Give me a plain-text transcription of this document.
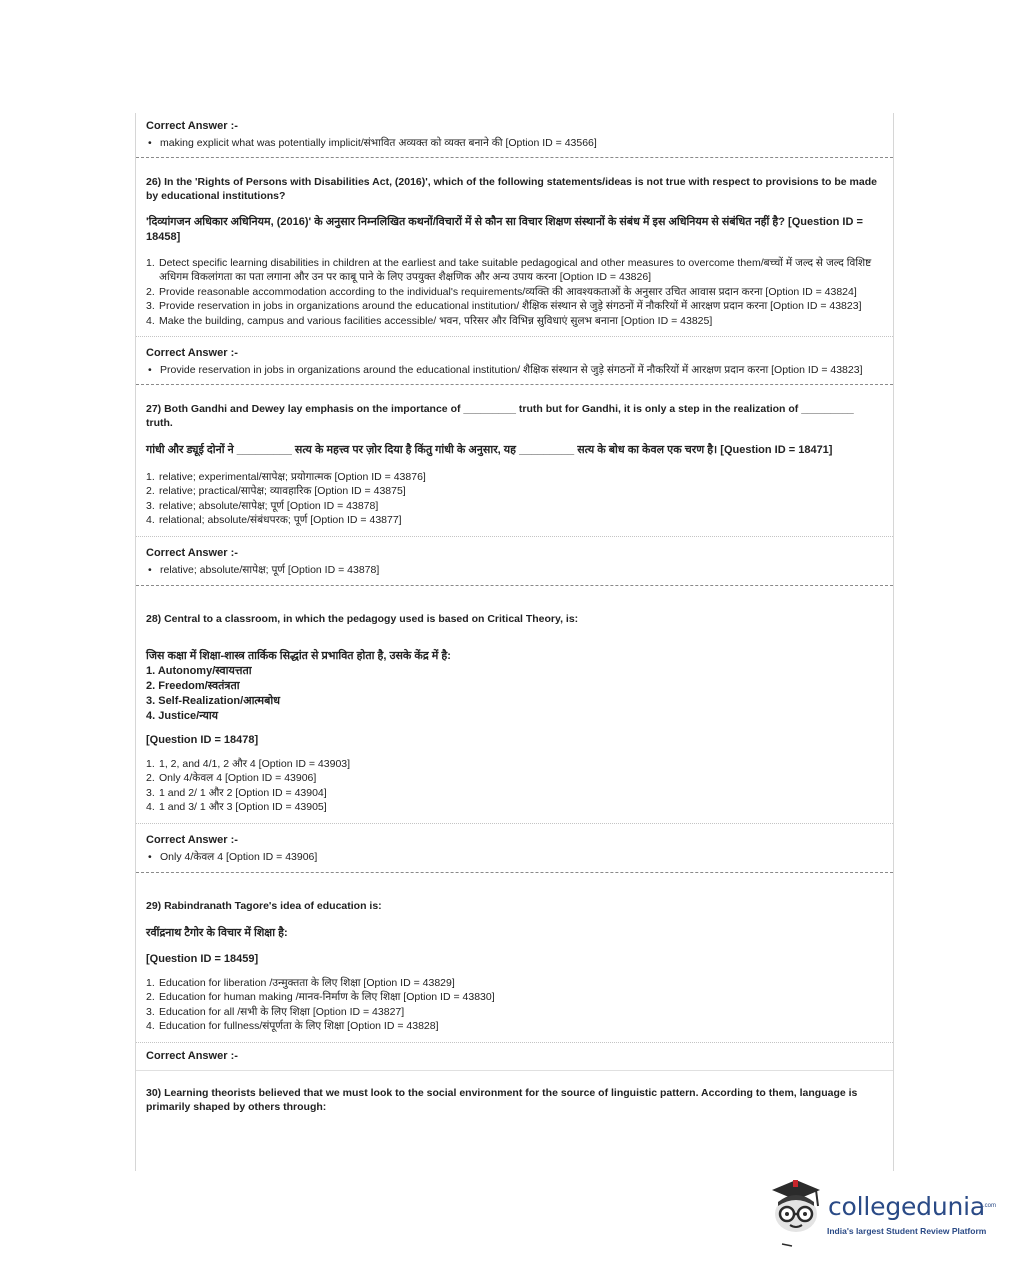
Correct Answer :-
• making explicit what was potentially implicit/संभावित अव्यक्त को व्यक्त बनाने की [Option ID = 43566]

26) In the 'Rights of Persons with Disabilities Act, (2016)', which of the following statements/ideas is not true with respect to provisions to be made by educational institutions?

'दिव्यांगजन अधिकार अधिनियम, (2016)' के अनुसार निम्नलिखित कथनों/विचारों में से कौन सा विचार शिक्षण संस्थानों के संबंध में इस अधिनियम से संबंधित नहीं है? [Question ID = 18458]

1. Detect specific learning disabilities in children at the earliest and take suitable pedagogical and other measures to overcome them/बच्चों में जल्द से जल्द विशिष्ट अधिगम विकलांगता का पता लगाना और उन पर काबू पाने के लिए उपयुक्त शैक्षणिक और अन्य उपाय करना [Option ID = 43826]
2. Provide reasonable accommodation according to the individual's requirements/व्यक्ति की आवश्यकताओं के अनुसार उचित आवास प्रदान करना [Option ID = 43824]
3. Provide reservation in jobs in organizations around the educational institution/ शैक्षिक संस्थान से जुड़े संगठनों में नौकरियों में आरक्षण प्रदान करना [Option ID = 43823]
4. Make the building, campus and various facilities accessible/ भवन, परिसर और विभिन्न सुविधाएं सुलभ बनाना [Option ID = 43825]
Correct Answer :-
• Provide reservation in jobs in organizations around the educational institution/ शैक्षिक संस्थान से जुड़े संगठनों में नौकरियों में आरक्षण प्रदान करना [Option ID = 43823]

27) Both Gandhi and Dewey lay emphasis on the importance of _________ truth but for Gandhi, it is only a step in the realization of _________ truth.

गांधी और ड्यूई दोनों ने _________ सत्य के महत्त्व पर ज़ोर दिया है किंतु गांधी के अनुसार, यह _________ सत्य के बोध का केवल एक चरण है। [Question ID = 18471]

1. relative; experimental/सापेक्ष; प्रयोगात्मक [Option ID = 43876]
2. relative; practical/सापेक्ष; व्यावहारिक [Option ID = 43875]
3. relative; absolute/सापेक्ष; पूर्ण [Option ID = 43878]
4. relational; absolute/संबंधपरक; पूर्ण [Option ID = 43877]
Correct Answer :-
• relative; absolute/सापेक्ष; पूर्ण [Option ID = 43878]

28) Central to a classroom, in which the pedagogy used is based on Critical Theory, is:

जिस कक्षा में शिक्षा-शास्त्र तार्किक सिद्धांत से प्रभावित होता है, उसके केंद्र में है:

1. Autonomy/स्वायत्तता

2. Freedom/स्वतंत्रता

3. Self-Realization/आत्मबोध

4. Justice/न्याय

[Question ID = 18478]

1. 1, 2, and 4/1, 2 और 4 [Option ID = 43903]
2. Only 4/केवल 4 [Option ID = 43906]
3. 1 and 2/ 1 और 2 [Option ID = 43904]
4. 1 and 3/ 1 और 3 [Option ID = 43905]
Correct Answer :-
• Only 4/केवल 4 [Option ID = 43906]

29) Rabindranath Tagore's idea of education is:

रवींद्रनाथ टैगोर के विचार में शिक्षा है:

[Question ID = 18459]

1. Education for liberation /उन्मुक्तता के लिए शिक्षा [Option ID = 43829]
2. Education for human making /मानव-निर्माण के लिए शिक्षा [Option ID = 43830]
3. Education for all /सभी के लिए शिक्षा [Option ID = 43827]
4. Education for fullness/संपूर्णता के लिए शिक्षा [Option ID = 43828]
Correct Answer :-

30) Learning theorists believed that we must look to the social environment for the source of linguistic pattern. According to them, language is primarily shaped by others through:

collegedunia
.com
India's largest Student Review Platform
